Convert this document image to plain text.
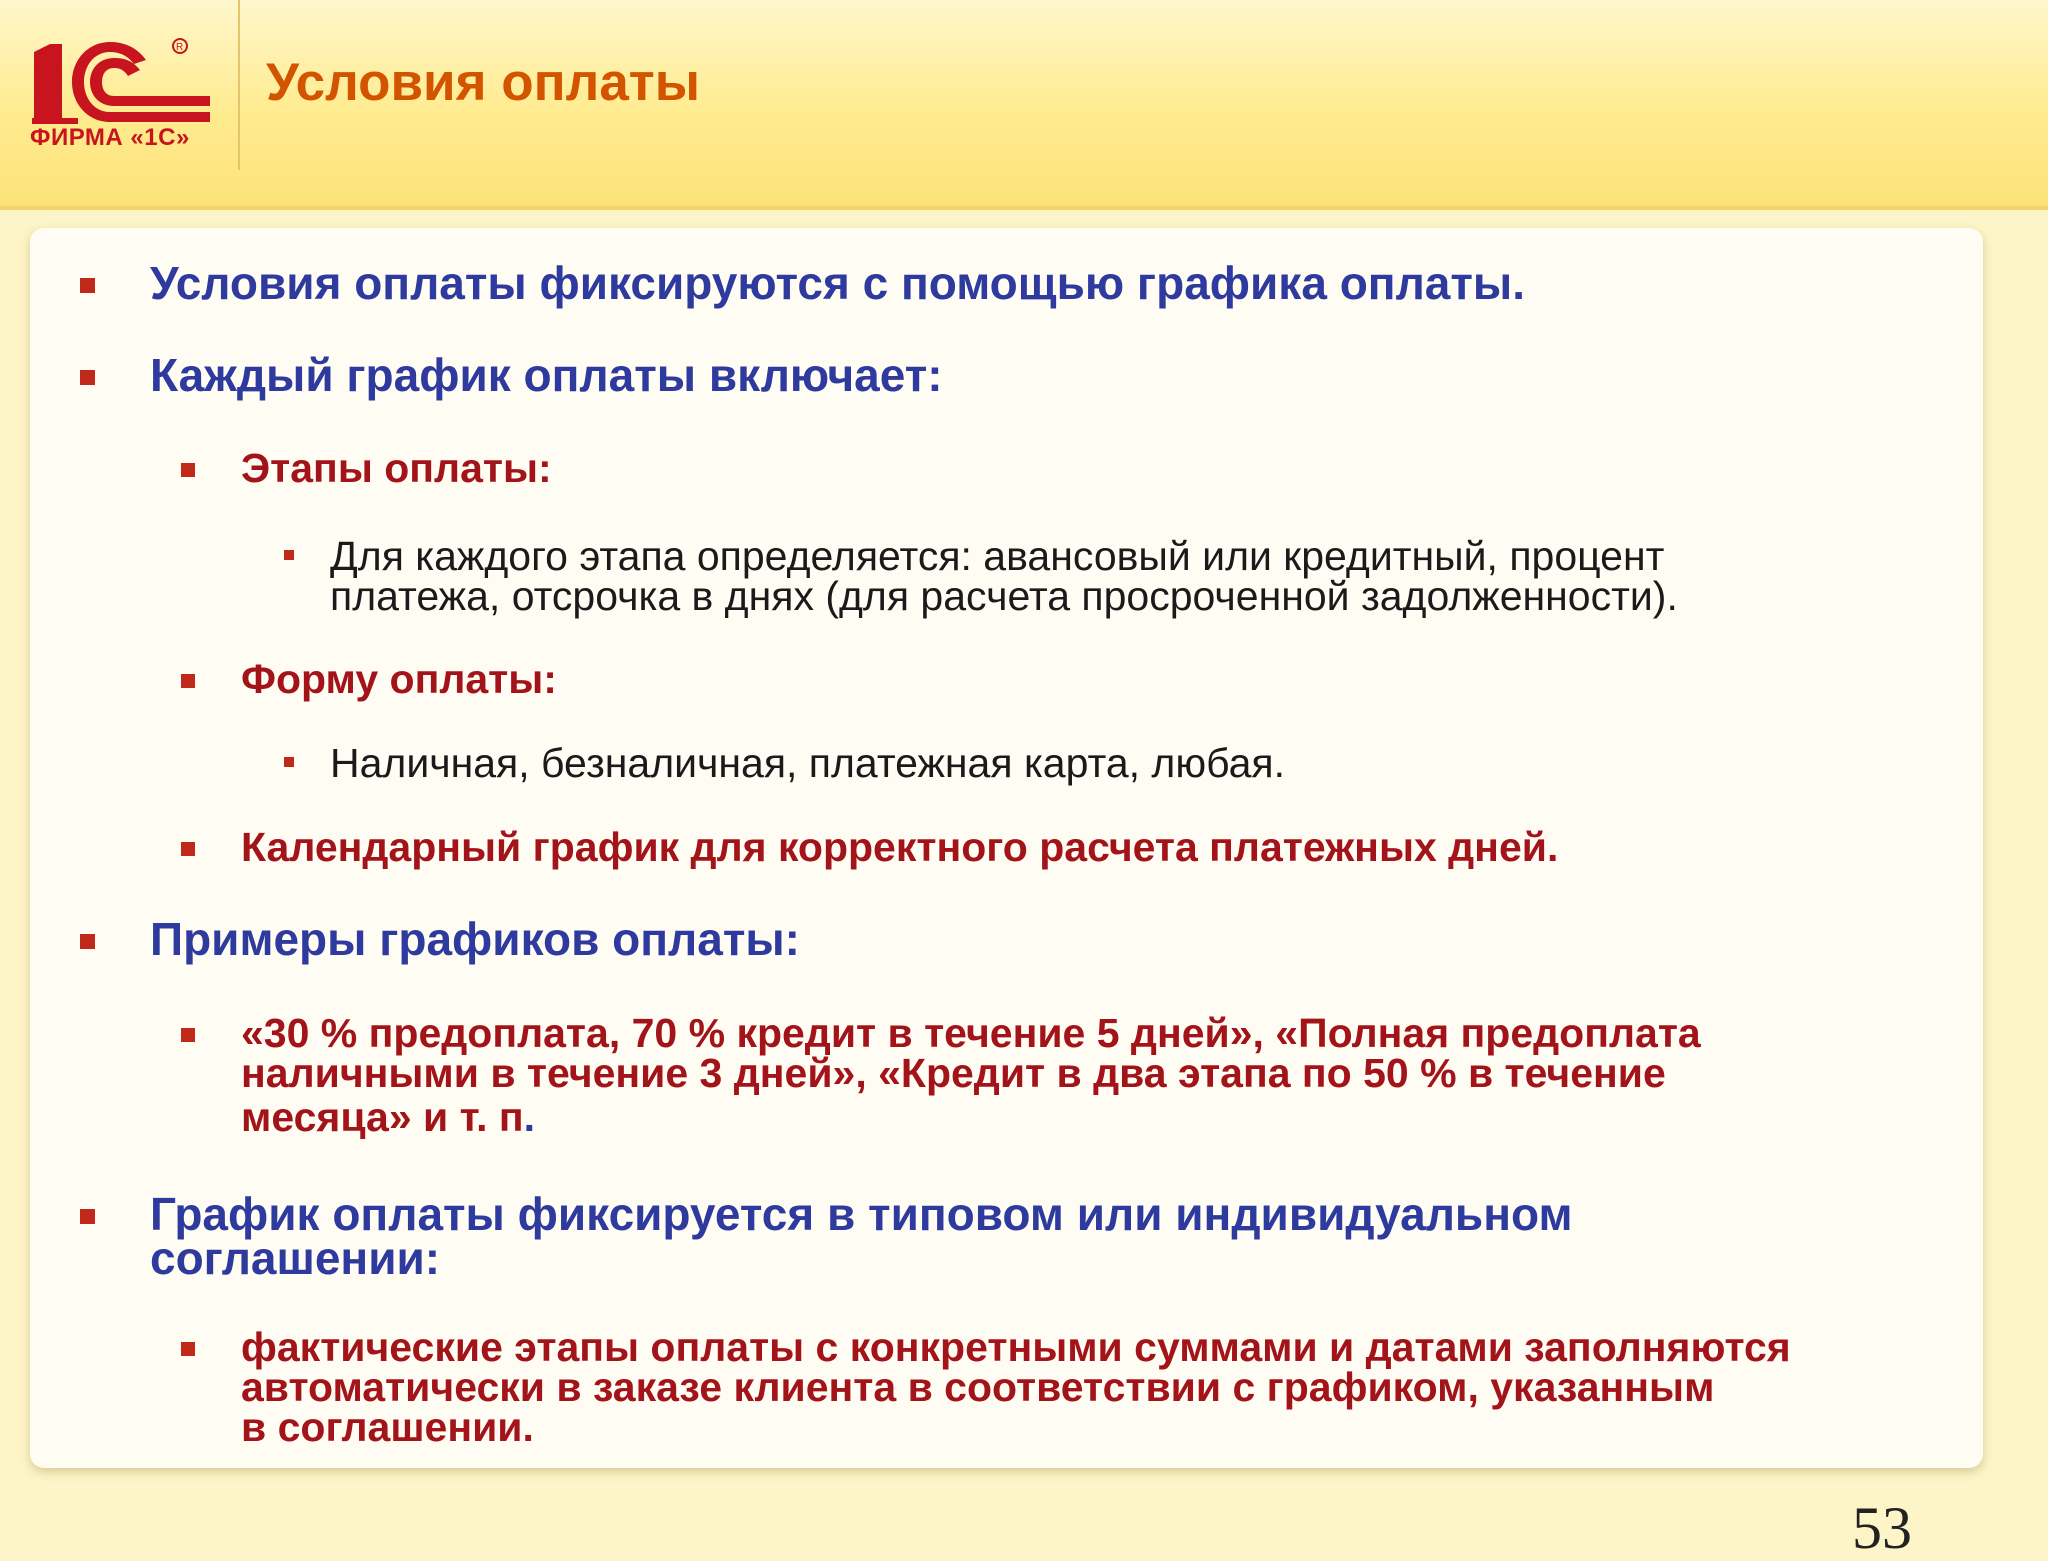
R
ФИРМА «1С»
Условия оплаты
Условия оплаты фиксируются с помощью графика оплаты.
Каждый график оплаты включает:
Этапы оплаты:
Для каждого этапа определяется: авансовый или кредитный, процент
платежа, отсрочка в днях (для расчета просроченной задолженности).
Форму оплаты:
Наличная, безналичная, платежная карта, любая.
Календарный график для корректного расчета платежных дней.
Примеры графиков оплаты:
«30 % предоплата, 70 % кредит в течение 5 дней», «Полная предоплата
наличными в течение 3 дней», «Кредит в два этапа по 50 % в течение
месяца» и т. п.
График оплаты фиксируется в типовом или индивидуальном
соглашении:
фактические этапы оплаты с конкретными суммами и датами заполняются
автоматически в заказе клиента в соответствии с графиком, указанным
в соглашении.
53
